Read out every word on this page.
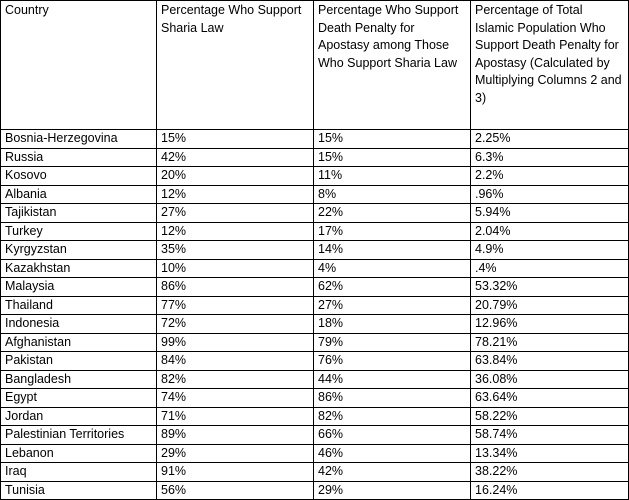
Country	Percentage Who Support Sharia Law	Percentage Who Support Death Penalty for Apostasy among Those Who Support Sharia Law	Percentage of Total Islamic Population Who Support Death Penalty for Apostasy (Calculated by Multiplying Columns 2 and 3)
Bosnia-Herzegovina	15%	15%	2.25%
Russia	42%	15%	6.3%
Kosovo	20%	11%	2.2%
Albania	12%	8%	.96%
Tajikistan	27%	22%	5.94%
Turkey	12%	17%	2.04%
Kyrgyzstan	35%	14%	4.9%
Kazakhstan	10%	4%	.4%
Malaysia	86%	62%	53.32%
Thailand	77%	27%	20.79%
Indonesia	72%	18%	12.96%
Afghanistan	99%	79%	78.21%
Pakistan	84%	76%	63.84%
Bangladesh	82%	44%	36.08%
Egypt	74%	86%	63.64%
Jordan	71%	82%	58.22%
Palestinian Territories	89%	66%	58.74%
Lebanon	29%	46%	13.34%
Iraq	91%	42%	38.22%
Tunisia	56%	29%	16.24%
